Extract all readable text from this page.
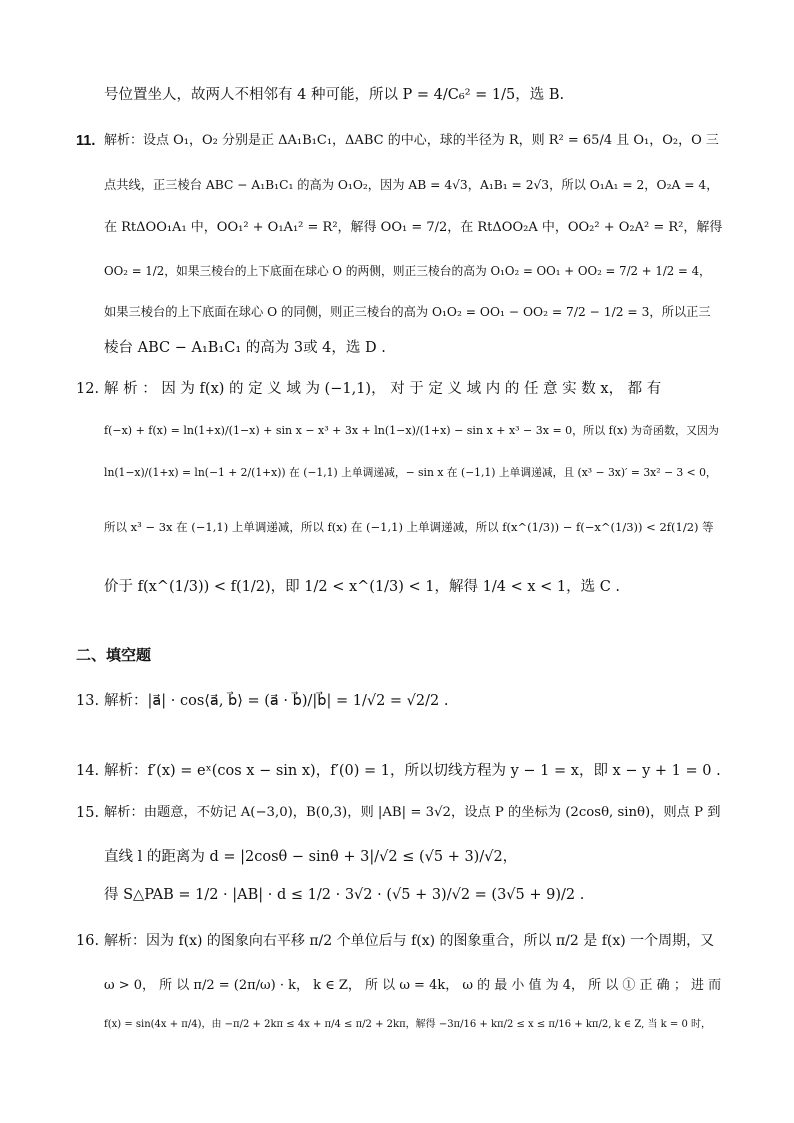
号位置坐人，故两人不相邻有 4 种可能，所以 P = 4/C₆² = 1/5，选 B.
11. 解析：设点 O₁，O₂ 分别是正 ΔA₁B₁C₁，ΔABC 的中心，球的半径为 R，则 R² = 65/4 且 O₁，O₂，O 三
点共线，正三棱台 ABC − A₁B₁C₁ 的高为 O₁O₂，因为 AB = 4√3，A₁B₁ = 2√3，所以 O₁A₁ = 2，O₂A = 4，
在 RtΔOO₁A₁ 中，OO₁² + O₁A₁² = R²，解得 OO₁ = 7/2，在 RtΔOO₂A 中，OO₂² + O₂A² = R²，解得
OO₂ = 1/2，如果三棱台的上下底面在球心 O 的两侧，则正三棱台的高为 O₁O₂ = OO₁ + OO₂ = 7/2 + 1/2 = 4，
如果三棱台的上下底面在球心 O 的同侧，则正三棱台的高为 O₁O₂ = OO₁ − OO₂ = 7/2 − 1/2 = 3，所以正三
棱台 ABC − A₁B₁C₁ 的高为 3或 4，选 D .
12. 解 析 ： 因 为 f(x) 的 定 义 域 为 (−1,1)， 对 于 定 义 域 内 的 任 意 实 数 x， 都 有
f(−x) + f(x) = ln(1+x)/(1−x) + sin x − x³ + 3x + ln(1−x)/(1+x) − sin x + x³ − 3x = 0，所以 f(x) 为奇函数，又因为
ln(1−x)/(1+x) = ln(−1 + 2/(1+x)) 在 (−1,1) 上单调递减，− sin x 在 (−1,1) 上单调递减，且 (x³ − 3x)′ = 3x² − 3 < 0，
所以 x³ − 3x 在 (−1,1) 上单调递减，所以 f(x) 在 (−1,1) 上单调递减，所以 f(x^(1/3)) − f(−x^(1/3)) < 2f(1/2) 等
价于 f(x^(1/3)) < f(1/2)，即 1/2 < x^(1/3) < 1，解得 1/4 < x < 1，选 C .
二、填空题
13. 解析：|a⃗| · cos⟨a⃗, b⃗⟩ = (a⃗ · b⃗)/|b⃗| = 1/√2 = √2/2 .
14. 解析：f′(x) = eˣ(cos x − sin x)，f′(0) = 1，所以切线方程为 y − 1 = x，即 x − y + 1 = 0 .
15. 解析：由题意，不妨记 A(−3,0)，B(0,3)，则 |AB| = 3√2，设点 P 的坐标为 (2cosθ, sinθ)，则点 P 到
直线 l 的距离为 d = |2cosθ − sinθ + 3|/√2 ≤ (√5 + 3)/√2，
得 S△PAB = 1/2 · |AB| · d ≤ 1/2 · 3√2 · (√5 + 3)/√2 = (3√5 + 9)/2 .
16. 解析：因为 f(x) 的图象向右平移 π/2 个单位后与 f(x) 的图象重合，所以 π/2 是 f(x) 一个周期，又
ω > 0， 所 以 π/2 = (2π/ω) · k， k ∈ Z， 所 以 ω = 4k， ω 的 最 小 值 为 4， 所 以 ① 正 确 ； 进 而
f(x) = sin(4x + π/4)，由 −π/2 + 2kπ ≤ 4x + π/4 ≤ π/2 + 2kπ，解得 −3π/16 + kπ/2 ≤ x ≤ π/16 + kπ/2, k ∈ Z, 当 k = 0 时，
